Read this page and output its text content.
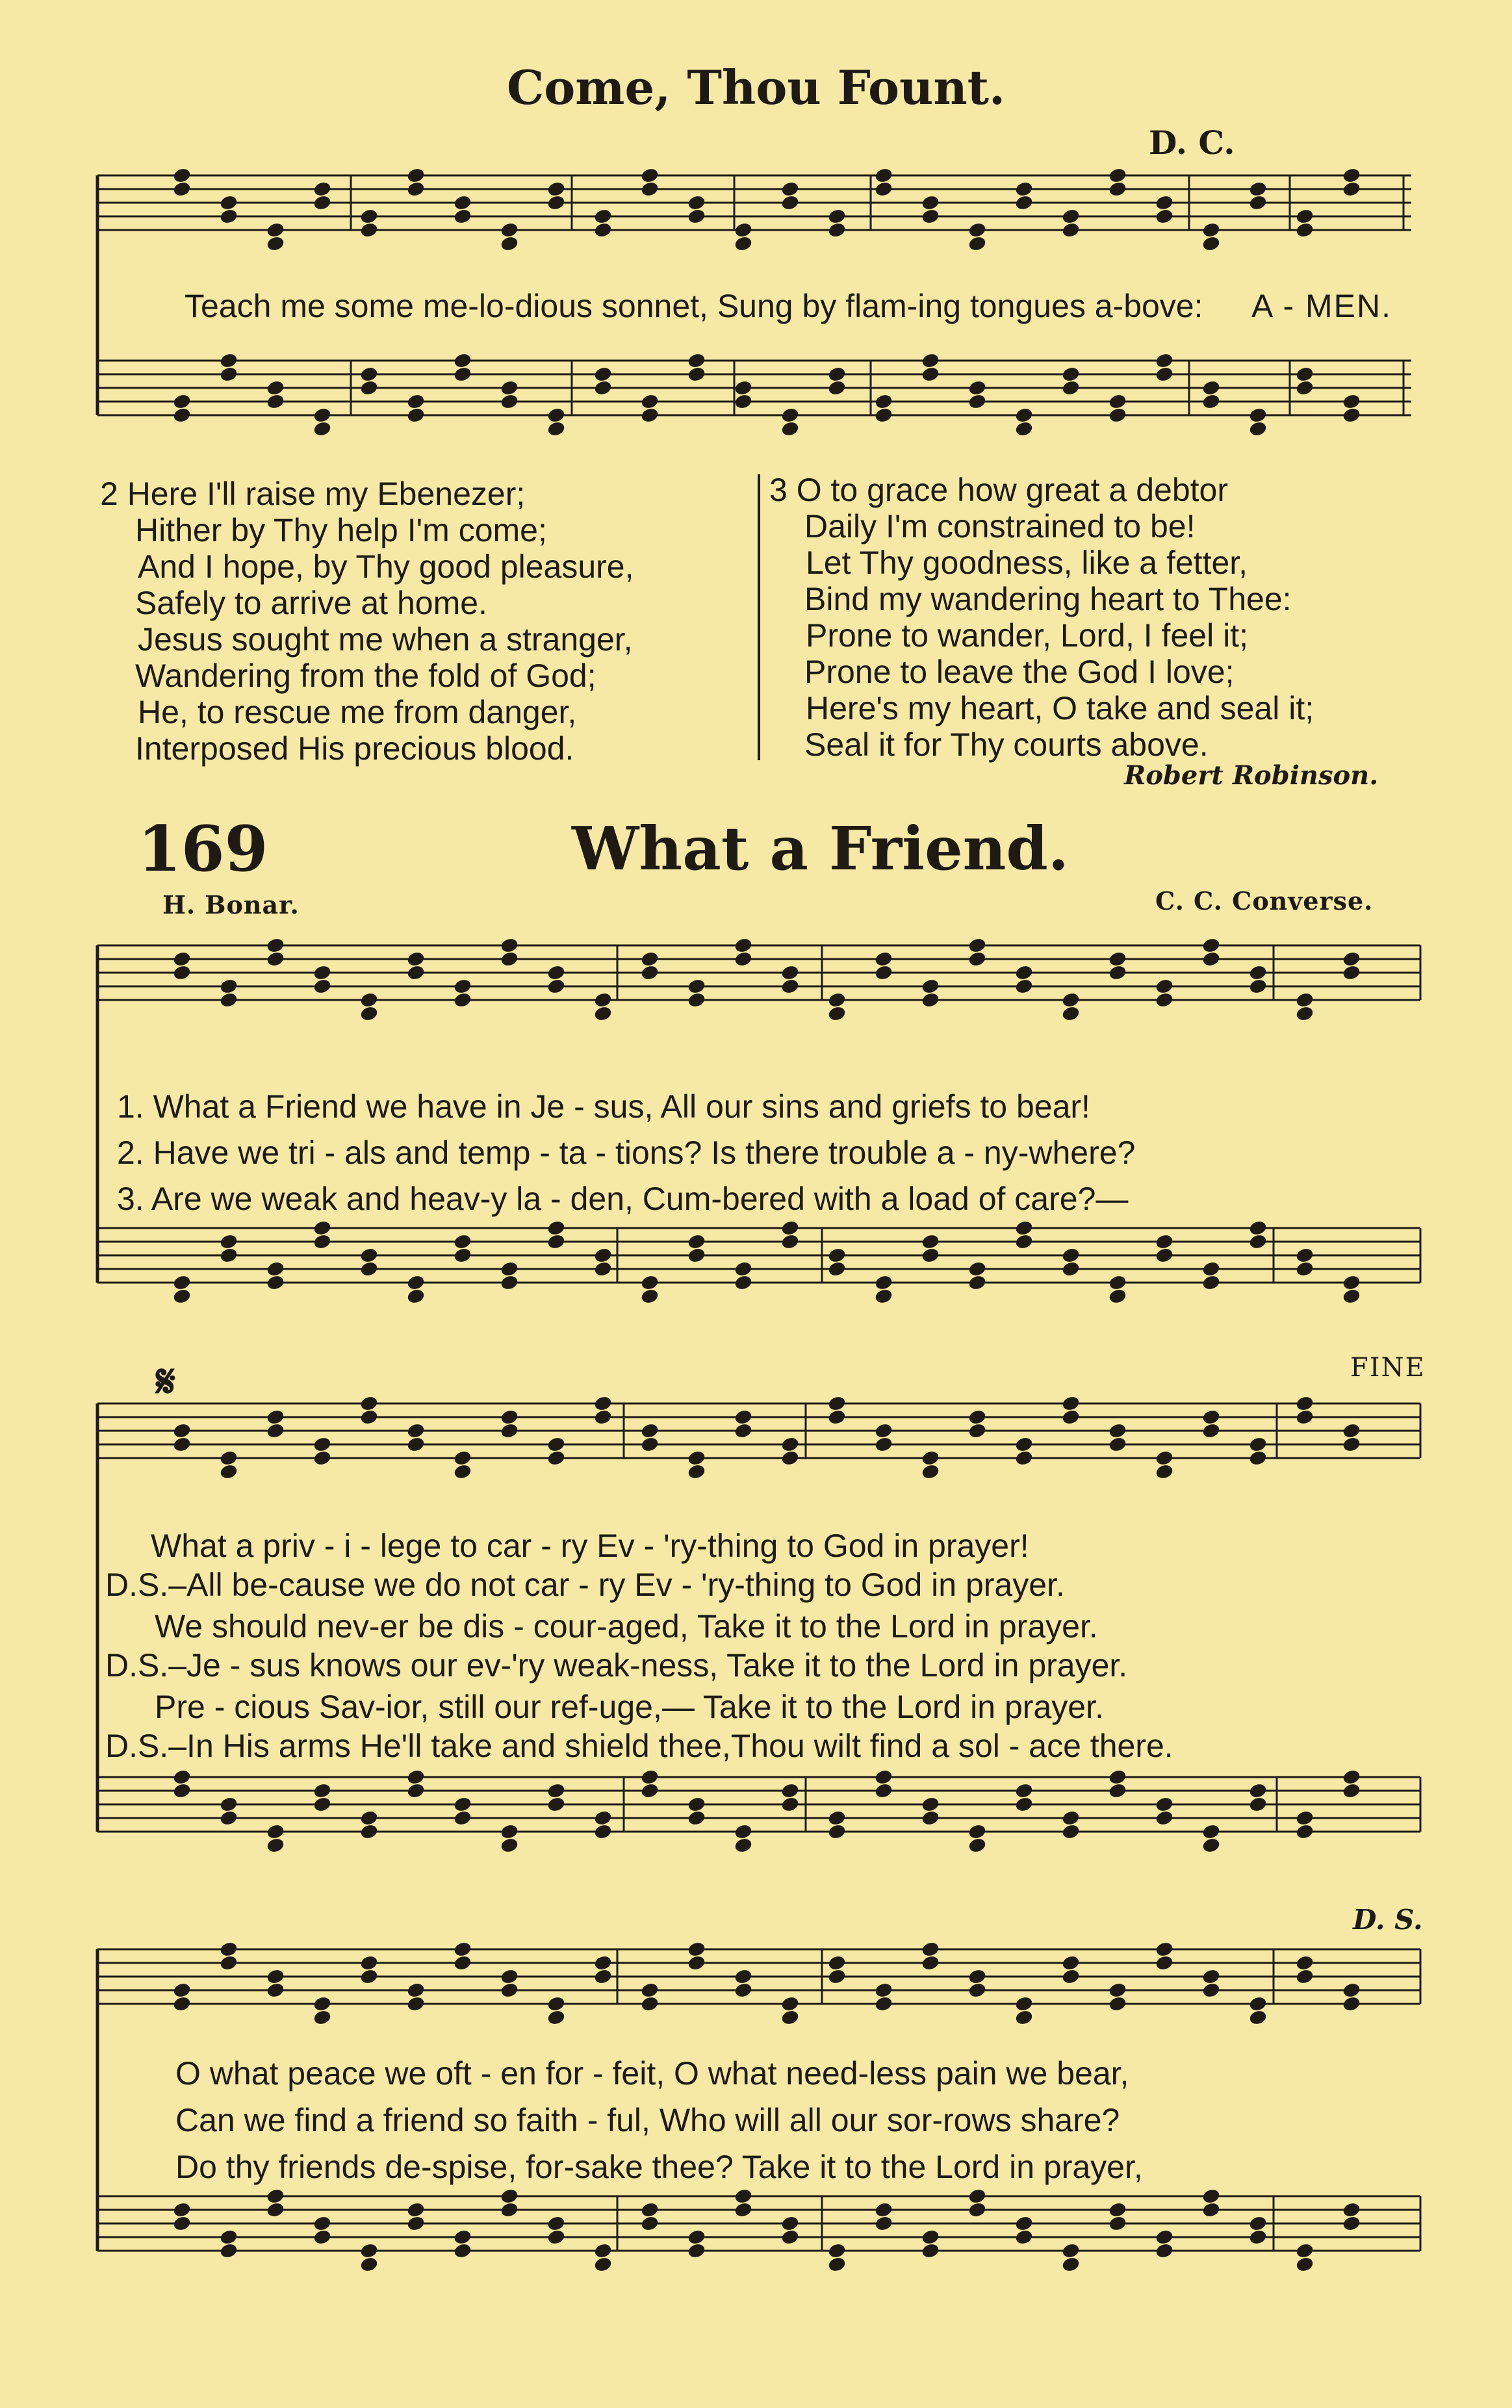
Come, Thou Fount.
D. C.
Teach me some me-lo-dious sonnet, Sung by flam-ing tongues a-bove: A - MEN.
2 Here I'll raise my Ebenezer;
Hither by Thy help I'm come;
And I hope, by Thy good pleasure,
Safely to arrive at home.
Jesus sought me when a stranger,
Wandering from the fold of God;
He, to rescue me from danger,
Interposed His precious blood.
3 O to grace how great a debtor
Daily I'm constrained to be!
Let Thy goodness, like a fetter,
Bind my wandering heart to Thee:
Prone to wander, Lord, I feel it;
Prone to leave the God I love;
Here's my heart, O take and seal it;
Seal it for Thy courts above.
Robert Robinson.
169	What a Friend.
H. Bonar.	C. C. Converse.
1. What a Friend we have in Je - sus, All our sins and griefs to bear!
2. Have we tri - als and temp - ta - tions? Is there trouble a - ny-where?
3. Are we weak and heav-y la - den, Cum-bered with a load of care?—
FINE
𝄋
What a priv - i - lege to car - ry Ev - 'ry-thing to God in prayer!
D.S.–All be-cause we do not car - ry Ev - 'ry-thing to God in prayer.
We should nev-er be dis - cour-aged, Take it to the Lord in prayer.
D.S.–Je - sus knows our ev-'ry weak-ness, Take it to the Lord in prayer.
Pre - cious Sav-ior, still our ref-uge,— Take it to the Lord in prayer.
D.S.–In His arms He'll take and shield thee,Thou wilt find a sol - ace there.
D. S.
O what peace we oft - en for - feit, O what need-less pain we bear,
Can we find a friend so faith - ful, Who will all our sor-rows share?
Do thy friends de-spise, for-sake thee? Take it to the Lord in prayer,
